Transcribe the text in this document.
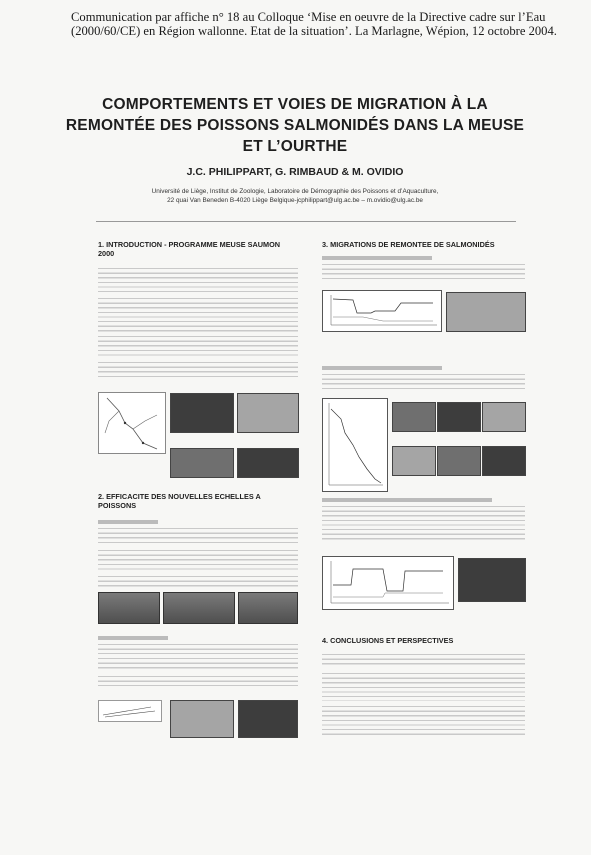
Communication par affiche n° 18 au Colloque ‘Mise en oeuvre de la Directive cadre sur l’Eau (2000/60/CE) en Région wallonne. Etat de la situation’. La Marlagne, Wépion, 12 octobre 2004.
COMPORTEMENTS ET VOIES DE MIGRATION À LA REMONTÉE DES POISSONS SALMONIDÉS DANS LA MEUSE ET L’OURTHE
J.C. PHILIPPART, G. RIMBAUD & M. OVIDIO
Université de Liège, Institut de Zoologie, Laboratoire de Démographie des Poissons et d’Aquaculture,
22 quai Van Beneden B-4020 Liège Belgique-jcphilippart@ulg.ac.be – m.ovidio@ulg.ac.be
1. INTRODUCTION - PROGRAMME MEUSE SAUMON 2000
2. EFFICACITE DES NOUVELLES ECHELLES A POISSONS
3. MIGRATIONS DE REMONTEE DE SALMONIDÉS
4. CONCLUSIONS ET PERSPECTIVES
